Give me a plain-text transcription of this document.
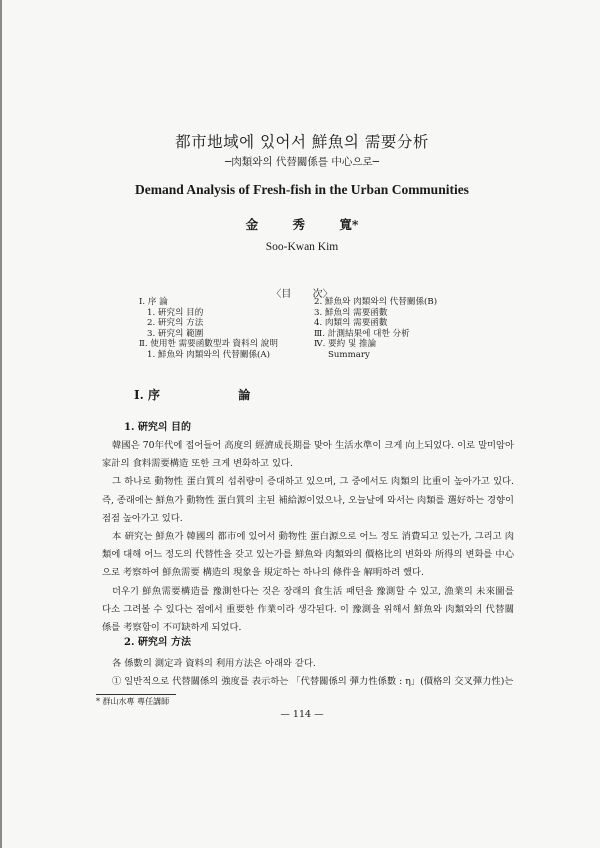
都市地域에 있어서 鮮魚의 需要分析
─肉類와의 代替關係를 中心으로─
Demand Analysis of Fresh-fish in the Urban Communities
金 秀 寬*
Soo-Kwan Kim
〈目 次〉
Ⅰ. 序 論
1. 硏究의 目的
2. 硏究의 方法
3. 硏究의 範圍
Ⅱ. 使用한 需要函數型과 資料의 說明
1. 鮮魚와 肉類와의 代替關係(A)
2. 鮮魚와 肉類와의 代替關係(B)
3. 鮮魚의 需要函數
4. 肉類의 需要函數
Ⅲ. 計測結果에 대한 分析
Ⅳ. 要約 및 推論
Summary
Ⅰ. 序	論
1. 硏究의 目的

韓國은 70年代에 접어들어 高度의 經濟成長期를 맞아 生活水準이 크게 向上되었다. 이로 말미암아 家計의 食料需要構造 또한 크게 변화하고 있다.

그 하나로 動物性 蛋白質의 섭취량이 증대하고 있으며, 그 중에서도 肉類의 比重이 높아가고 있다. 즉, 종래에는 鮮魚가 動物性 蛋白質의 主된 補給源이었으나, 오늘날에 와서는 肉類를 選好하는 경향이 점점 높아가고 있다.

本 硏究는 鮮魚가 韓國의 都市에 있어서 動物性 蛋白源으로 어느 정도 消費되고 있는가, 그리고 肉類에 대해 어느 정도의 代替性을 갖고 있는가를 鮮魚와 肉類와의 價格比의 변화와 所得의 변화를 中心으로 考察하여 鮮魚需要 構造의 現象을 規定하는 하나의 條件을 解明하려 했다.

더우기 鮮魚需要構造를 豫測한다는 것은 장래의 食生活 패턴을 豫測할 수 있고, 漁業의 未來圖를 다소 그려볼 수 있다는 점에서 重要한 作業이라 생각된다. 이 豫測을 위해서 鮮魚와 肉類와의 代替關係를 考察함이 不可缺하게 되었다.

2. 硏究의 方法

各 係數의 測定과 資料의 利用方法은 아래와 같다.

① 일반적으로 代替關係의 強度를 表示하는 「代替關係의 彈力性係數 : η」(價格의 交叉彈力性)는

* 群山水專 專任講師
— 114 —
